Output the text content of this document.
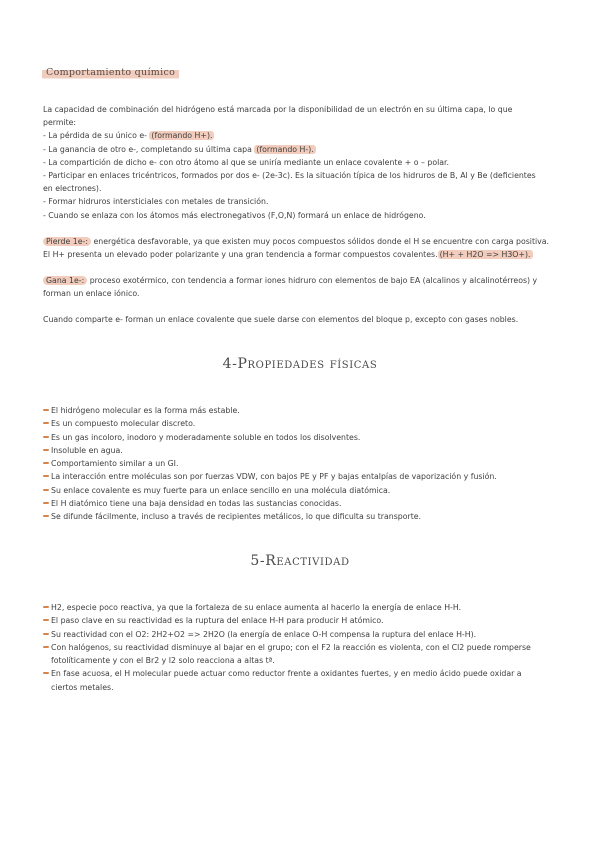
Comportamiento químico

La capacidad de combinación del hidrógeno está marcada por la disponibilidad de un electrón en su última capa, lo que

permite:

- La pérdida de su único e- (formando H+).

- La ganancia de otro e-, completando su última capa (formando H-).

- La compartición de dicho e- con otro átomo al que se uniría mediante un enlace covalente + o – polar.

- Participar en enlaces tricéntricos, formados por dos e- (2e-3c). Es la situación típica de los hidruros de B, Al y Be (deficientes

en electrones).

- Formar hidruros intersticiales con metales de transición.

- Cuando se enlaza con los átomos más electronegativos (F,O,N) formará un enlace de hidrógeno.

Pierde 1e-: energética desfavorable, ya que existen muy pocos compuestos sólidos donde el H se encuentre con carga positiva.

El H+ presenta un elevado poder polarizante y una gran tendencia a formar compuestos covalentes. (H+ + H2O => H3O+).

Gana 1e-: proceso exotérmico, con tendencia a formar iones hidruro con elementos de bajo EA (alcalinos y alcalinotérreos) y

forman un enlace iónico.

Cuando comparte e- forman un enlace covalente que suele darse con elementos del bloque p, excepto con gases nobles.

4-Propiedades físicas
El hidrógeno molecular es la forma más estable.
Es un compuesto molecular discreto.
Es un gas incoloro, inodoro y moderadamente soluble en todos los disolventes.
Insoluble en agua.
Comportamiento similar a un GI.
La interacción entre moléculas son por fuerzas VDW, con bajos PE y PF y bajas entalpías de vaporización y fusión.
Su enlace covalente es muy fuerte para un enlace sencillo en una molécula diatómica.
El H diatómico tiene una baja densidad en todas las sustancias conocidas.
Se difunde fácilmente, incluso a través de recipientes metálicos, lo que dificulta su transporte.
5-Reactividad
H2, especie poco reactiva, ya que la fortaleza de su enlace aumenta al hacerlo la energía de enlace H-H.
El paso clave en su reactividad es la ruptura del enlace H-H para producir H atómico.
Su reactividad con el O2: 2H2+O2 => 2H2O (la energía de enlace O-H compensa la ruptura del enlace H-H).
Con halógenos, su reactividad disminuye al bajar en el grupo; con el F2 la reacción es violenta, con el Cl2 puede romperse
fotolíticamente y con el Br2 y I2 solo reacciona a altas tª.
En fase acuosa, el H molecular puede actuar como reductor frente a oxidantes fuertes, y en medio ácido puede oxidar a
ciertos metales.
